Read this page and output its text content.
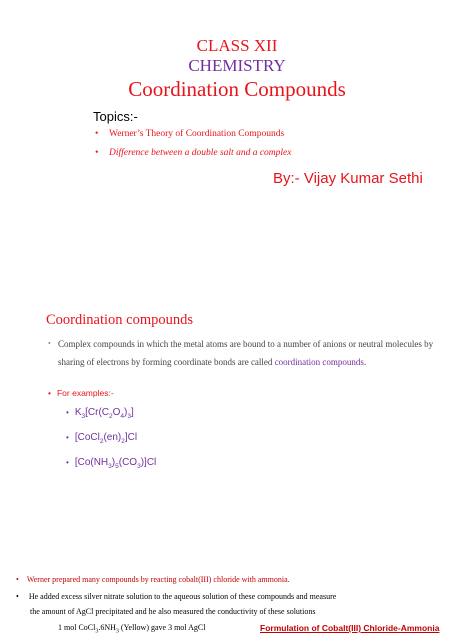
CLASS XII
CHEMISTRY
Coordination Compounds
Topics:-
• Werner’s Theory of Coordination Compounds
• Difference between a double salt and a complex
By:- Vijay Kumar Sethi
Coordination compounds
• Complex compounds in which the metal atoms are bound to a number of anions or neutral molecules by sharing of electrons by forming coordinate bonds are called coordination compounds.
• For examples:-
• $K_3[Cr(C_2O_4)_3]$
• $[CoCl_2(en)_2]Cl$
• $[Co(NH_3)_5(CO_3)]Cl$
• Werner prepared many compounds by reacting cobalt(III) chloride with ammonia.
• He added excess silver nitrate solution to the aqueous solution of these compounds and measure
the amount of AgCl precipitated and he also measured the conductivity of these solutions
1 mol $CoCl_3.6NH_3$ (Yellow) gave 3 mol AgCl	Formulation of Cobalt(III) Chloride-Ammonia
